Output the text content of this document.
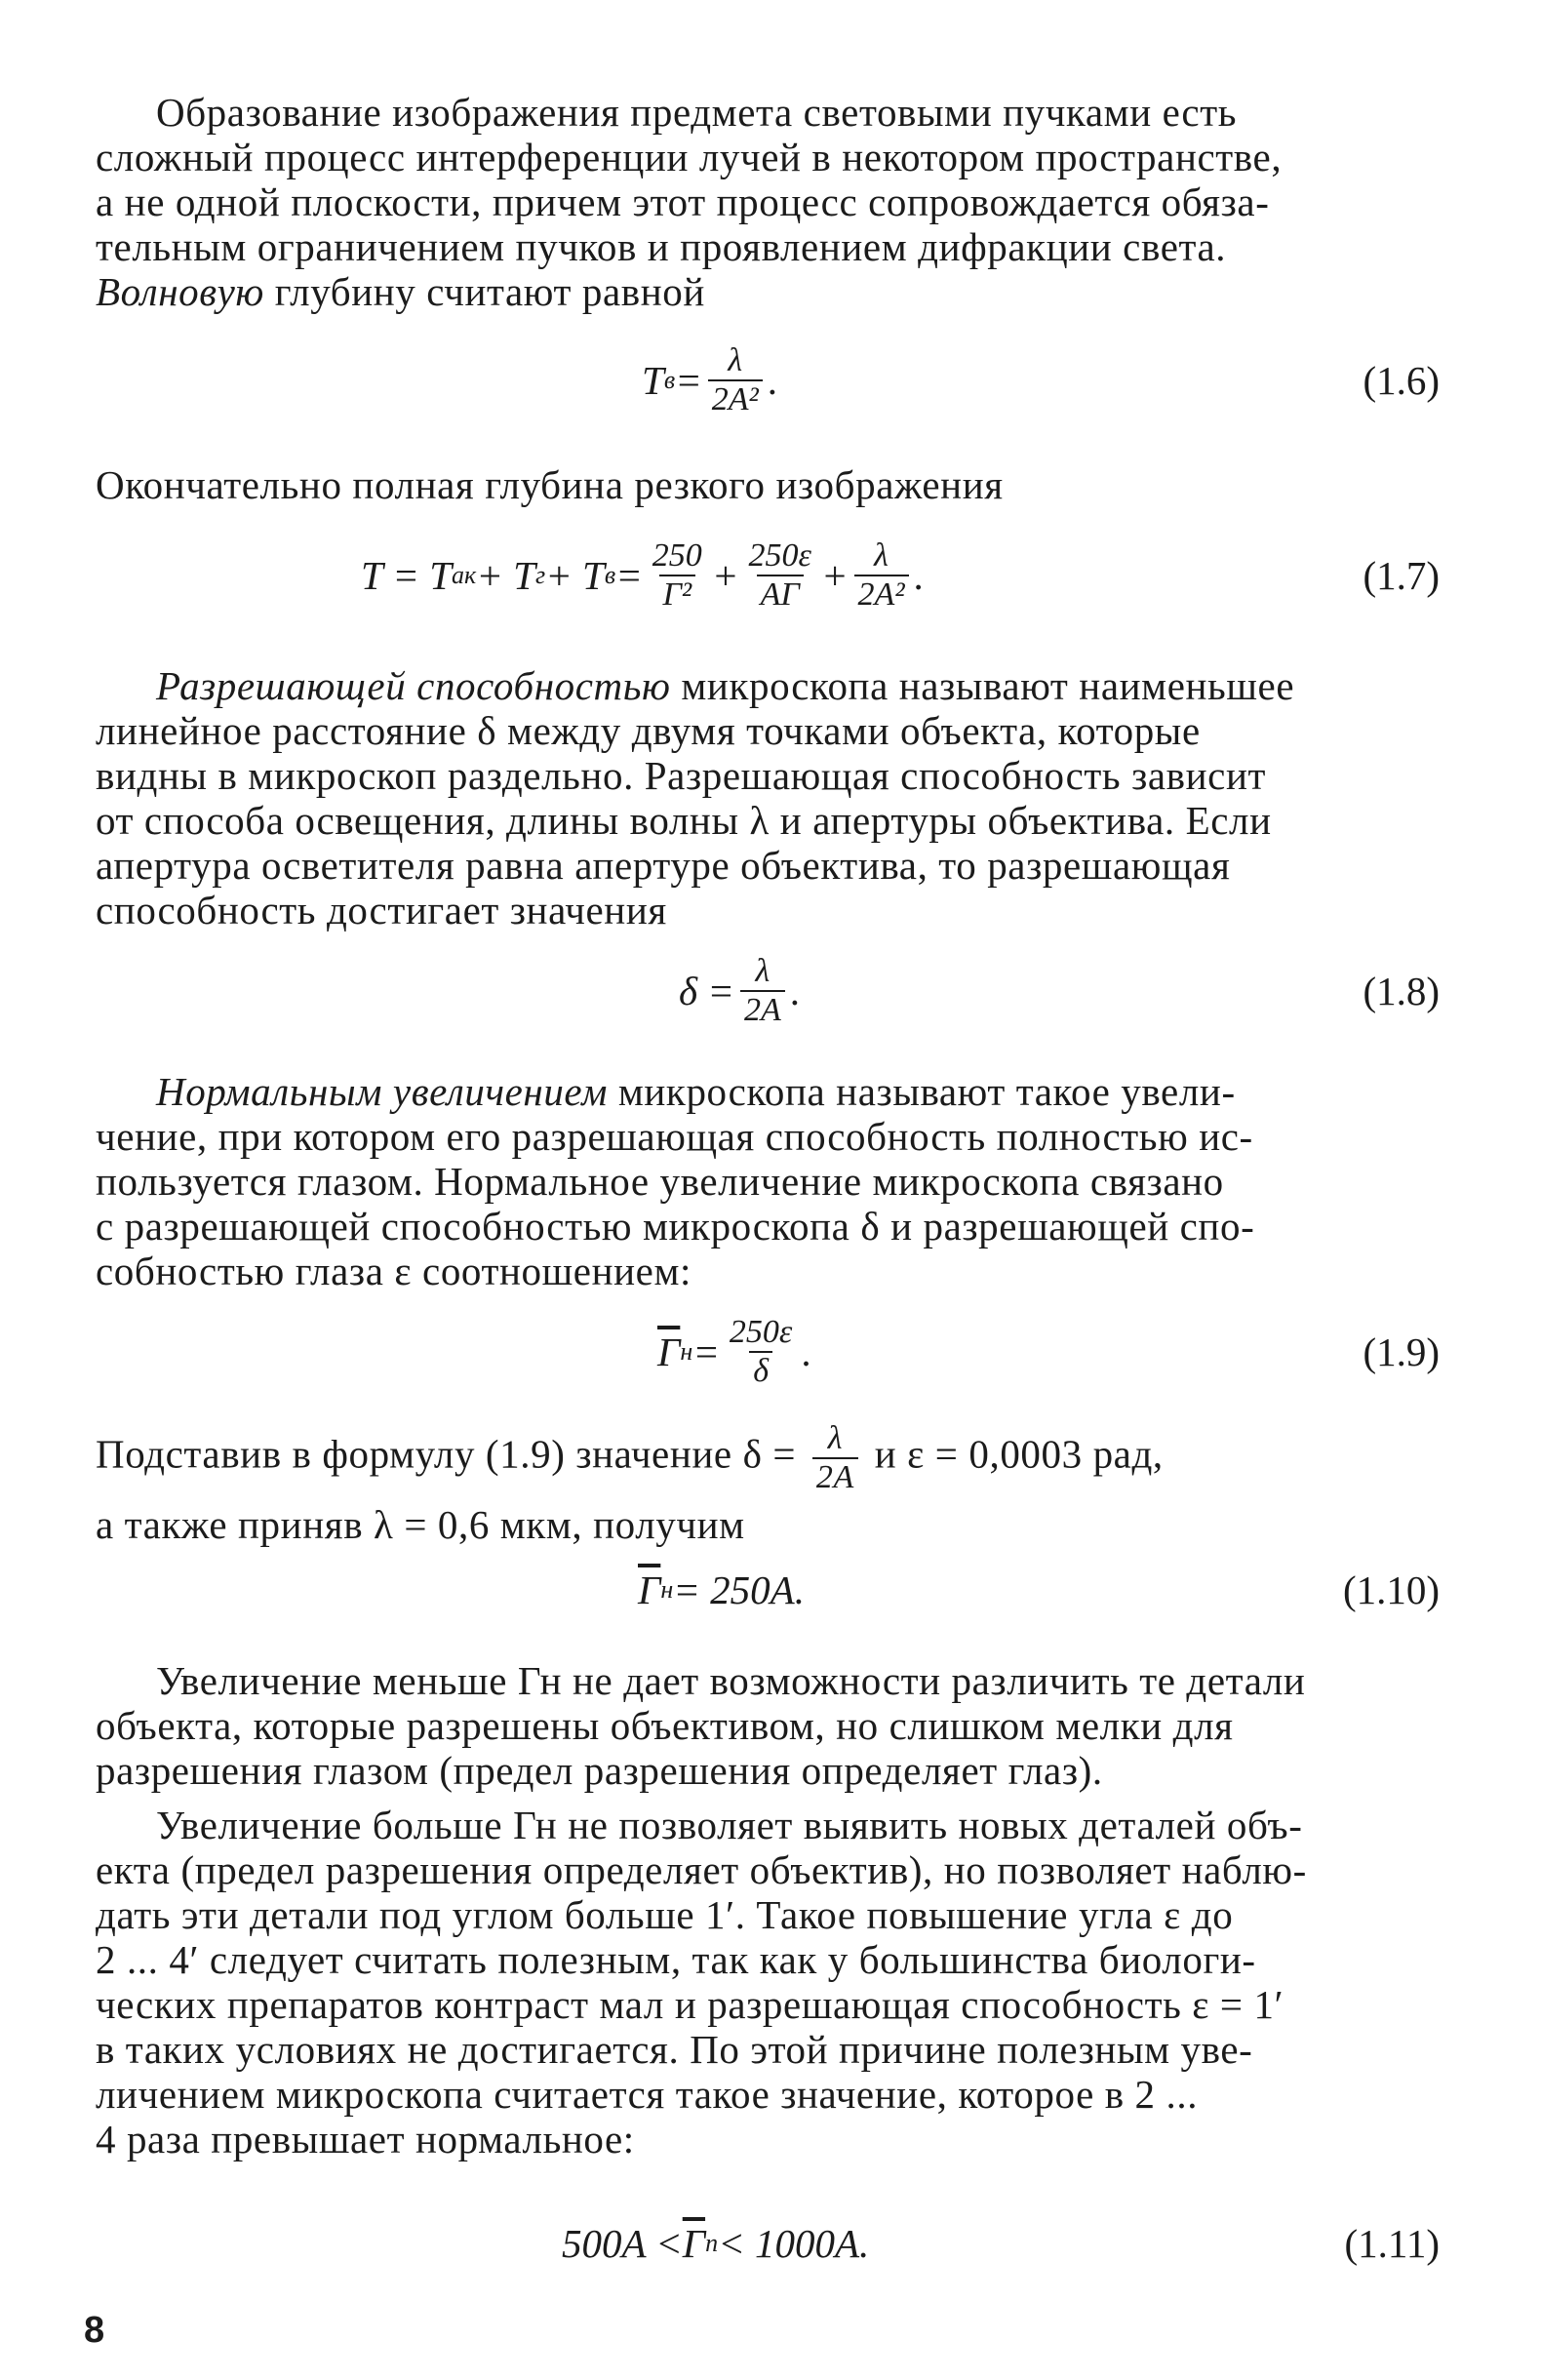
Образование изображения предмета световыми пучками есть
сложный процесс интерференции лучей в некотором пространстве,
а не одной плоскости, причем этот процесс сопровождается обяза-
тельным ограничением пучков и проявлением дифракции света.
Волновую глубину считают равной
T $в = \frac{\lambda}{\text{2A²}}$ .	(1.6)
Окончательно полная глубина резкого изображения
T = T ак + T г + T $в = \frac{250}{\text{Г²}} + \frac{250\varepsilon}{AГ} + \frac{\lambda}{\text{2A²}}$ .	(1.7)
Разрешающей способностью микроскопа называют наименьшее
линейное расстояние δ между двумя точками объекта, которые
видны в микроскоп раздельно. Разрешающая способность зависит
от способа освещения, длины волны λ и апертуры объектива. Если
апертура осветителя равна апертуре объектива, то разрешающая
способность достигает значения
$\delta = \frac{\lambda}{2A}$ .	(1.8)
Нормальным увеличением микроскопа называют такое увели-
чение, при котором его разрешающая способность полностью ис-
пользуется глазом. Нормальное увеличение микроскопа связано
с разрешающей способностью микроскопа δ и разрешающей спо-
собностью глаза ε соотношением:
Г $н = \frac{250\varepsilon}{\delta}$ .	(1.9)
Подставив в формулу (1.9) значение $\delta = \frac{\lambda}{2A}$ и ε = 0,0003 рад,
а также приняв λ = 0,6 мкм, получим
Г н = 250A.	(1.10)
Увеличение меньше Гн не дает возможности различить те детали
объекта, которые разрешены объективом, но слишком мелки для
разрешения глазом (предел разрешения определяет глаз).
Увеличение больше Гн не позволяет выявить новых деталей объ-
екта (предел разрешения определяет объектив), но позволяет наблю-
дать эти детали под углом больше 1′. Такое повышение угла ε до
2 ... 4′ следует считать полезным, так как у большинства биологи-
ческих препаратов контраст мал и разрешающая способность ε = 1′
в таких условиях не достигается. По этой причине полезным уве-
личением микроскопа считается такое значение, которое в 2 ...
4 раза превышает нормальное:
500A < Г п < 1000A.	(1.11)
8
